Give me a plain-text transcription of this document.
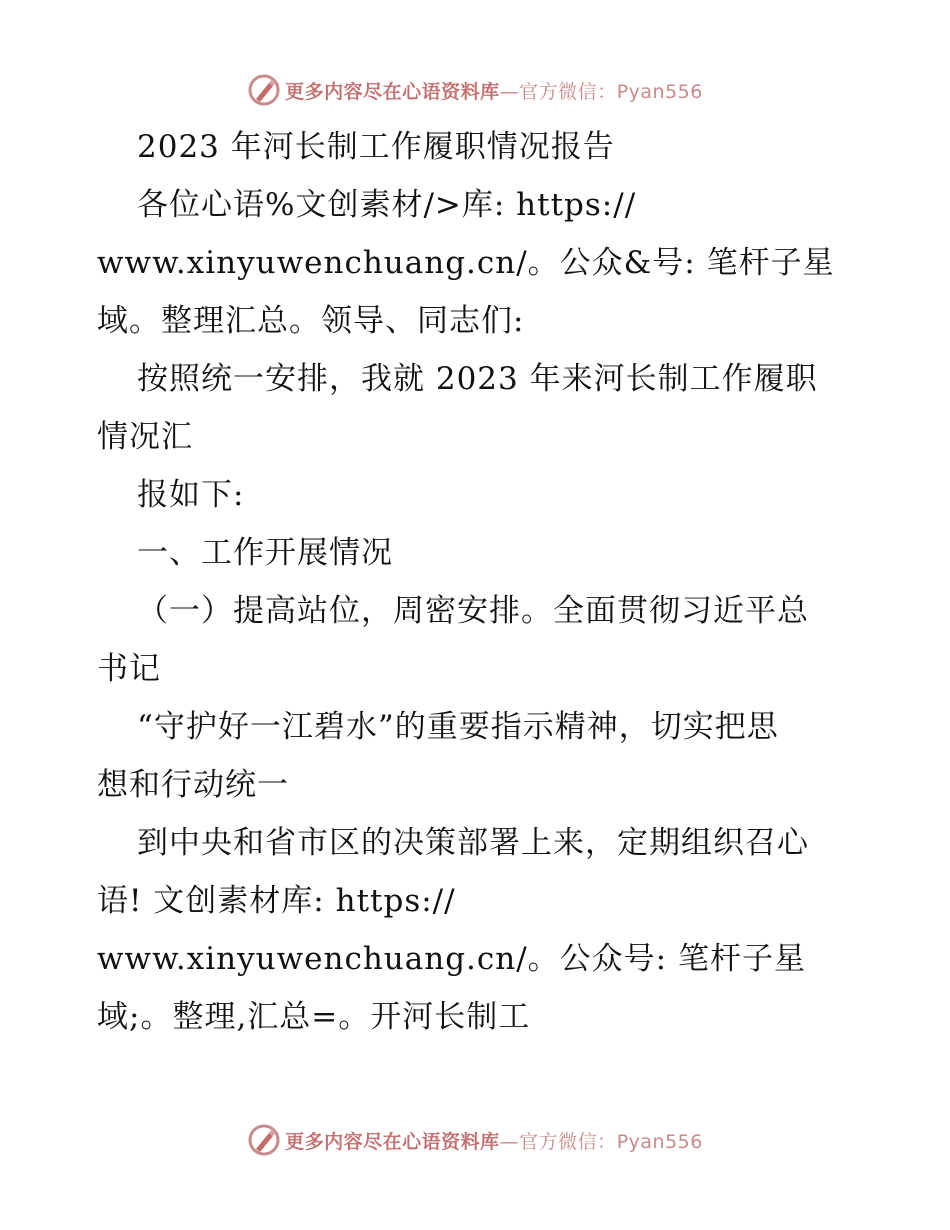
更多内容尽在心语资料库—官方微信：Pyan556
2023 年河长制工作履职情况报告
各位心语%文创素材/>库: https://
www.xinyuwenchuang.cn/。公众&号: 笔杆子星
域。整理汇总。领导、同志们:
按照统一安排，我就 2023 年来河长制工作履职
情况汇
报如下:
一、工作开展情况
（一）提高站位，周密安排。全面贯彻习近平总
书记
“守护好一江碧水”的重要指示精神，切实把思
想和行动统一
到中央和省市区的决策部署上来，定期组织召心
语! 文创素材库: https://
www.xinyuwenchuang.cn/。公众号: 笔杆子星
域;。整理,汇总=。开河长制工
更多内容尽在心语资料库—官方微信：Pyan556
